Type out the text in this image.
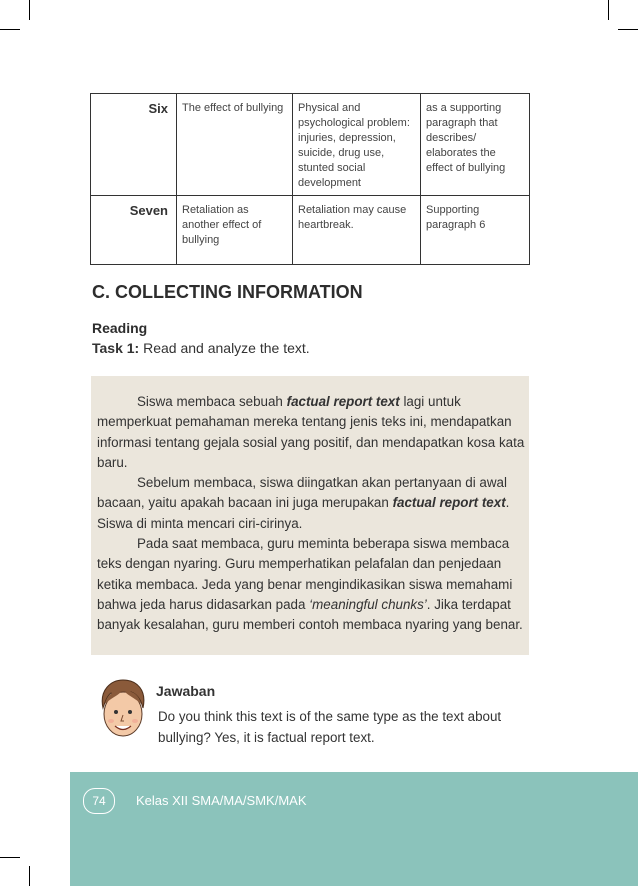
Six	The effect of bullying	Physical and psychological problem: injuries, depression, suicide, drug use, stunted social development	as a supporting paragraph that describes/ elaborates the effect of bullying
Seven	Retaliation as another effect of bullying	Retaliation may cause heartbreak.	Supporting paragraph 6
C. COLLECTING INFORMATION
Reading
Task 1: Read and analyze the text.

Siswa membaca sebuah factual report text lagi untuk memperkuat pemahaman mereka tentang jenis teks ini, mendapatkan informasi tentang gejala sosial yang positif, dan mendapatkan kosa kata baru.

Sebelum membaca, siswa diingatkan akan pertanyaan di awal bacaan, yaitu apakah bacaan ini juga merupakan factual report text. Siswa di minta mencari ciri-cirinya.

Pada saat membaca, guru meminta beberapa siswa membaca teks dengan nyaring. Guru memperhatikan pelafalan dan penjedaan ketika membaca. Jeda yang benar mengindikasikan siswa memahami bahwa jeda harus didasarkan pada ‘meaningful chunks’. Jika terdapat banyak kesalahan, guru memberi contoh membaca nyaring yang benar.

Jawaban
Do you think this text is of the same type as the text about bullying? Yes, it is factual report text.
74	Kelas XII SMA/MA/SMK/MAK
